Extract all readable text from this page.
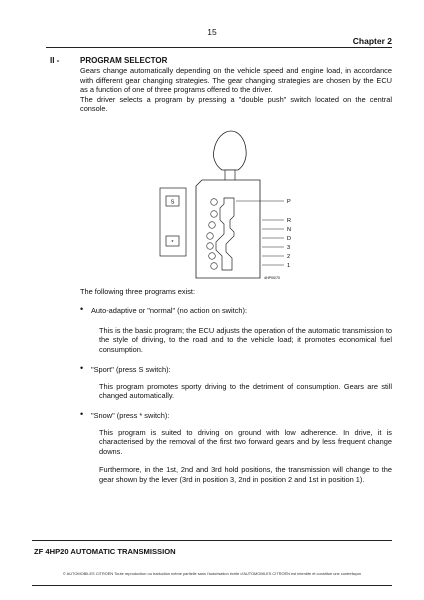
15
Chapter 2
II -	PROGRAM SELECTOR

Gears change automatically depending on the vehicle speed and engine load, in accordance with different gear changing strategies. The gear changing strategies are chosen by the ECU as a function of one of three programs offered to the driver.

The driver selects a program by pressing a "double push" switch located on the central console.

S
*
P
R
N
D
3
2
1
4HP00/70
The following three programs exist:
• Auto-adaptive or "normal" (no action on switch):

This is the basic program; the ECU adjusts the operation of the automatic transmission to the style of driving, to the road and to the vehicle load; it promotes economical fuel consumption.

• "Sport" (press S switch):

This program promotes sporty driving to the detriment of consumption. Gears are still changed automatically.

• "Snow" (press * switch):

This program is suited to driving on ground with low adherence. In drive, it is characterised by the removal of the first two forward gears and by less frequent change downs.

Furthermore, in the 1st, 2nd and 3rd hold positions, the transmission will change to the gear shown by the lever (3rd in position 3, 2nd in position 2 and 1st in position 1).

ZF 4HP20 AUTOMATIC TRANSMISSION
© AUTOMOBILES CITROËN Toute reproduction ou traduction même partielle sans l'autorisation écrite d'AUTOMOBILES CITROËN est interdite et constitue une contrefaçon
